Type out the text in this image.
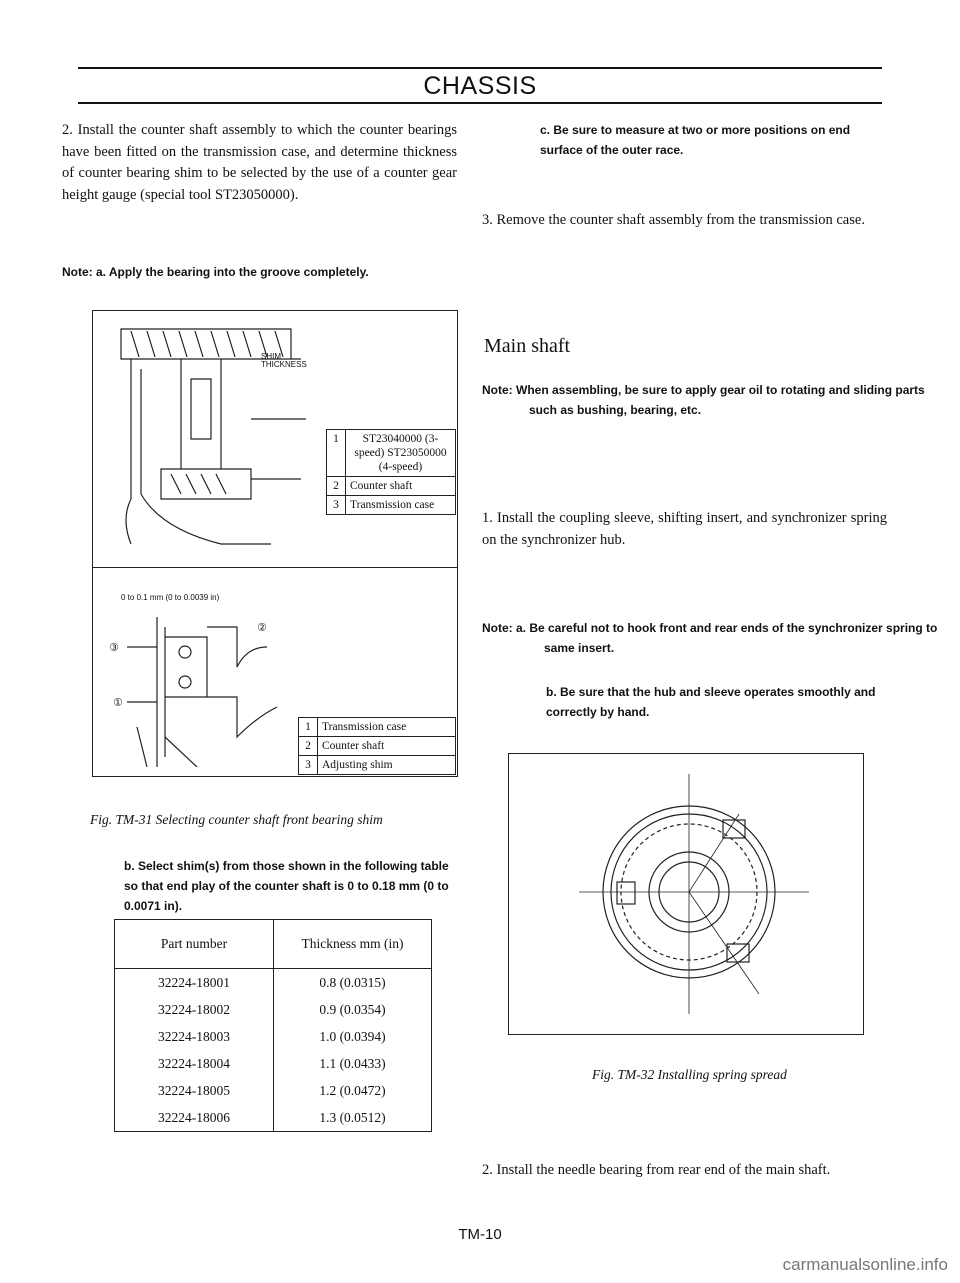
CHASSIS
2. Install the counter shaft assembly to which the counter bearings have been fitted on the transmission case, and determine thickness of counter bearing shim to be selected by the use of a counter gear height gauge (special tool ST23050000).
Note: a. Apply the bearing into the groove completely.
SHIM
THICKNESS
1	ST23040000 (3-speed) ST23050000 (4-speed)
2	Counter shaft
3	Transmission case
0 to 0.1 mm (0 to 0.0039 in)
③
②
①
1	Transmission case
2	Counter shaft
3	Adjusting shim
Fig. TM-31 Selecting counter shaft front bearing shim
b. Select shim(s) from those shown in the following table so that end play of the counter shaft is 0 to 0.18 mm (0 to 0.0071 in).
Part number	Thickness mm (in)
32224-18001	0.8 (0.0315)
32224-18002	0.9 (0.0354)
32224-18003	1.0 (0.0394)
32224-18004	1.1 (0.0433)
32224-18005	1.2 (0.0472)
32224-18006	1.3 (0.0512)
c. Be sure to measure at two or more positions on end surface of the outer race.
3. Remove the counter shaft assembly from the transmission case.
Main shaft
Note: When assembling, be sure to apply gear oil to rotating and sliding parts such as bushing, bearing, etc.
1. Install the coupling sleeve, shifting insert, and synchronizer spring on the synchronizer hub.
Note: a. Be careful not to hook front and rear ends of the synchronizer spring to same insert.
b. Be sure that the hub and sleeve operates smoothly and correctly by hand.
Fig. TM-32 Installing spring spread
2. Install the needle bearing from rear end of the main shaft.
TM-10
carmanualsonline.info
